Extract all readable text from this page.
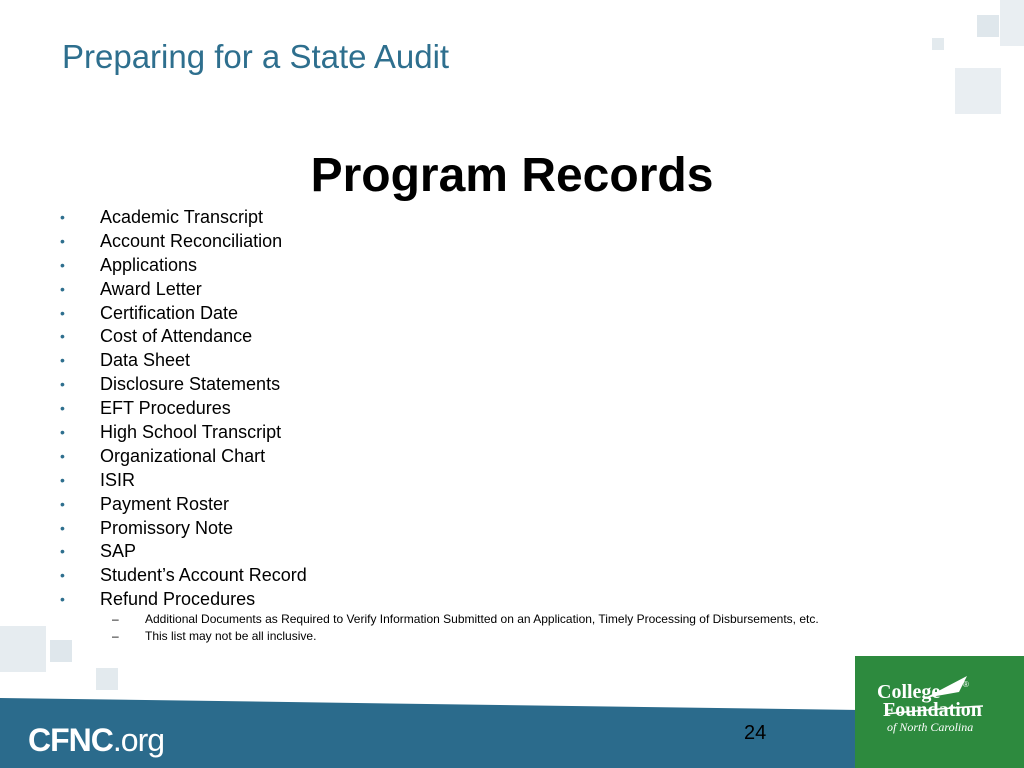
Preparing for a State Audit
Program Records
• Academic Transcript
• Account Reconciliation
• Applications
• Award Letter
• Certification Date
• Cost of Attendance
• Data Sheet
• Disclosure Statements
• EFT Procedures
• High School Transcript
• Organizational Chart
• ISIR
• Payment Roster
• Promissory Note
• SAP
• Student’s Account Record
• Refund Procedures
– Additional Documents as Required to Verify Information Submitted on an Application, Timely Processing of Disbursements, etc.
– This list may not be all inclusive.
CFNC.org	24
College	®
Foundation
of North Carolina
